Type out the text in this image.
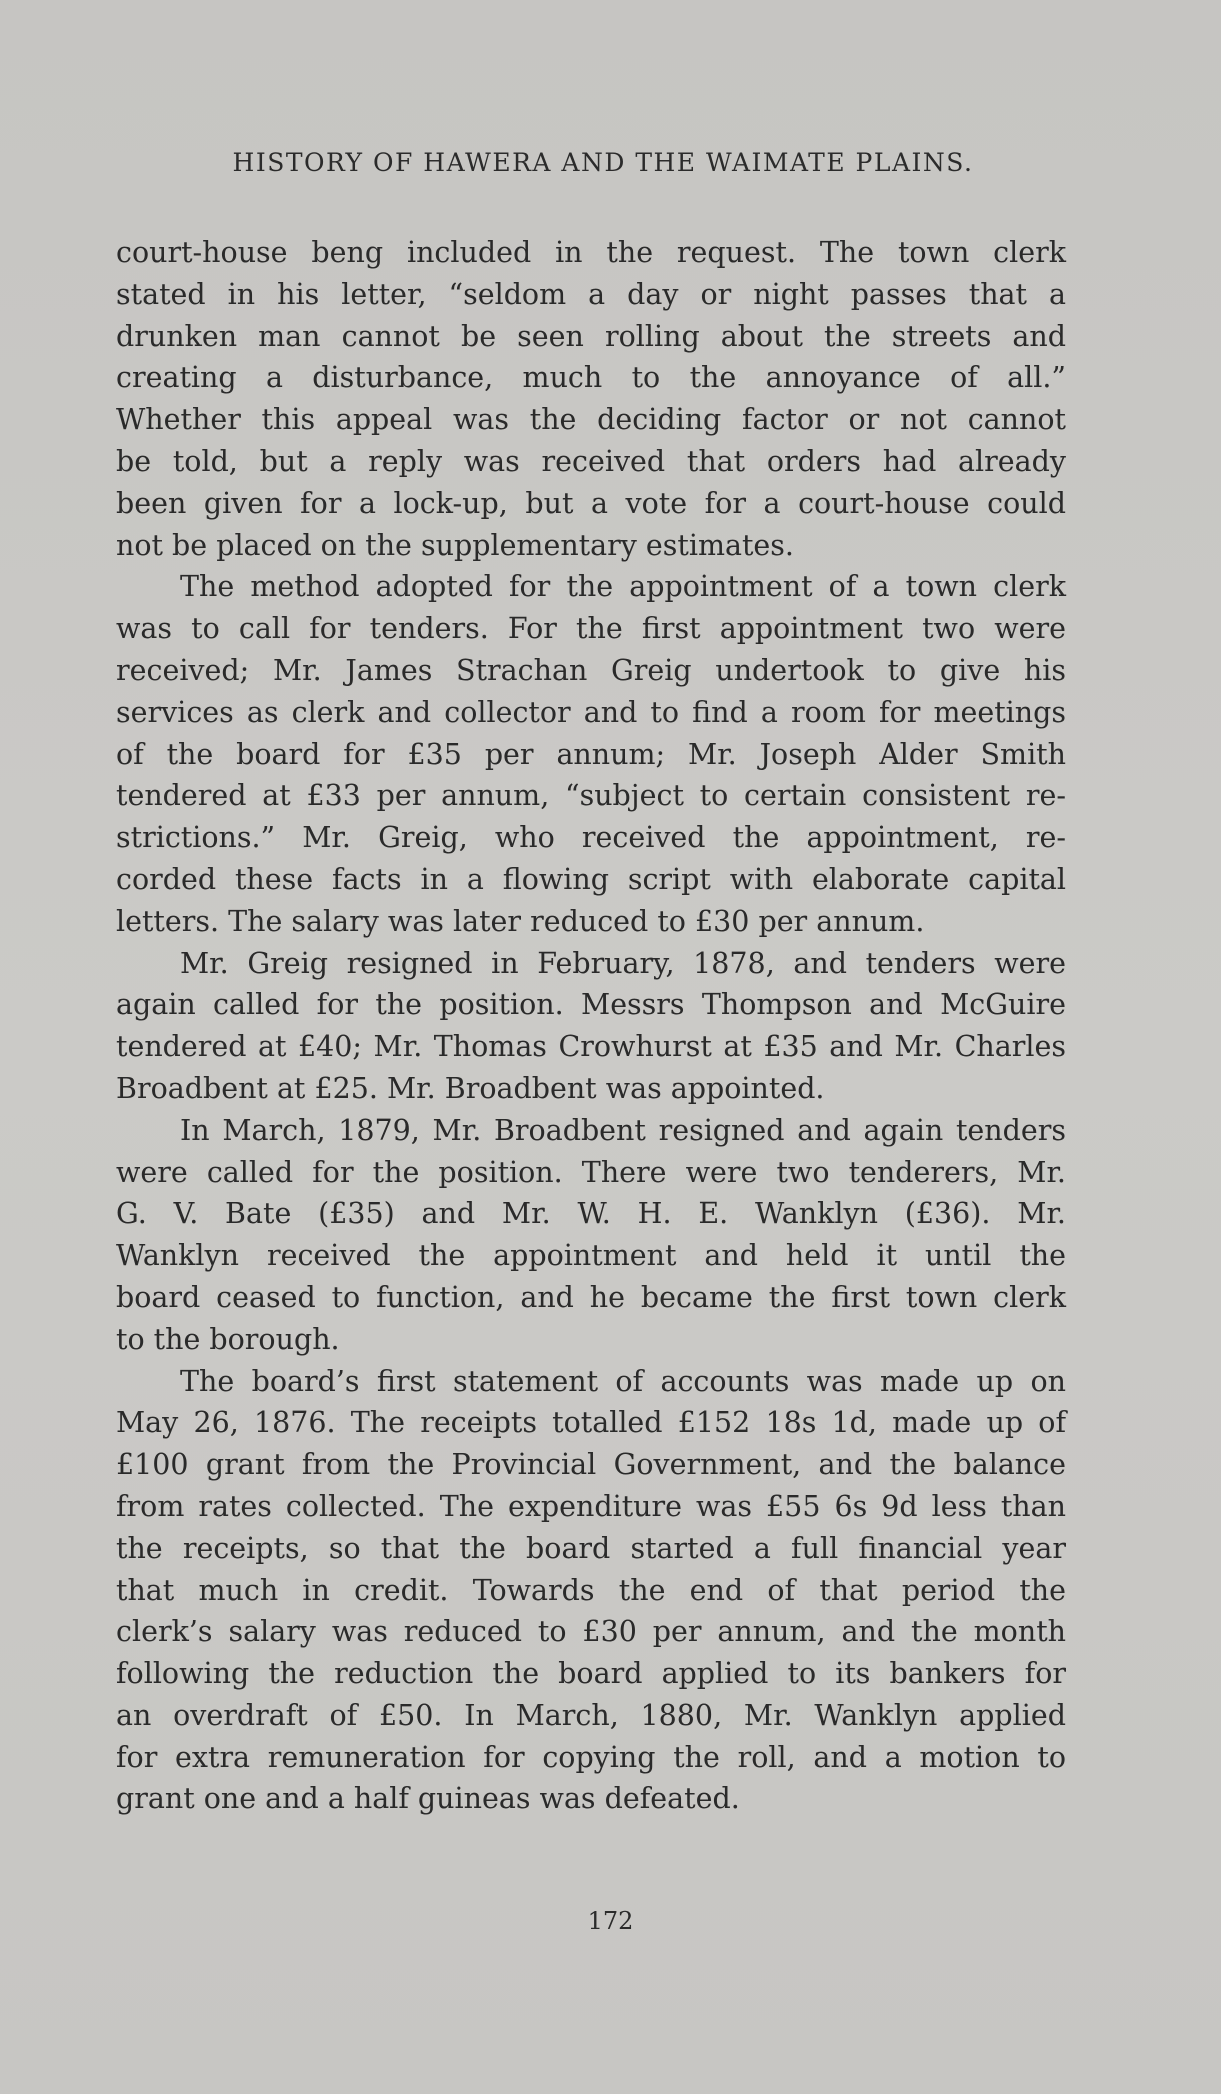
HISTORY OF HAWERA AND THE WAIMATE PLAINS.
court-house beng included in the request. The town clerk
stated in his letter, “seldom a day or night passes that a
drunken man cannot be seen rolling about the streets and
creating a disturbance, much to the annoyance of all.”
Whether this appeal was the deciding factor or not cannot
be told, but a reply was received that orders had already
been given for a lock-up, but a vote for a court-house could
not be placed on the supplementary estimates.
The method adopted for the appointment of a town clerk
was to call for tenders. For the first appointment two were
received; Mr. James Strachan Greig undertook to give his
services as clerk and collector and to find a room for meetings
of the board for £35 per annum; Mr. Joseph Alder Smith
tendered at £33 per annum, “subject to certain consistent re-
strictions.” Mr. Greig, who received the appointment, re-
corded these facts in a flowing script with elaborate capital
letters. The salary was later reduced to £30 per annum.
Mr. Greig resigned in February, 1878, and tenders were
again called for the position. Messrs Thompson and McGuire
tendered at £40; Mr. Thomas Crowhurst at £35 and Mr. Charles
Broadbent at £25. Mr. Broadbent was appointed.
In March, 1879, Mr. Broadbent resigned and again tenders
were called for the position. There were two tenderers, Mr.
G. V. Bate (£35) and Mr. W. H. E. Wanklyn (£36). Mr.
Wanklyn received the appointment and held it until the
board ceased to function, and he became the first town clerk
to the borough.
The board’s first statement of accounts was made up on
May 26, 1876. The receipts totalled £152 18s 1d, made up of
£100 grant from the Provincial Government, and the balance
from rates collected. The expenditure was £55 6s 9d less than
the receipts, so that the board started a full financial year
that much in credit. Towards the end of that period the
clerk’s salary was reduced to £30 per annum, and the month
following the reduction the board applied to its bankers for
an overdraft of £50. In March, 1880, Mr. Wanklyn applied
for extra remuneration for copying the roll, and a motion to
grant one and a half guineas was defeated.
172
